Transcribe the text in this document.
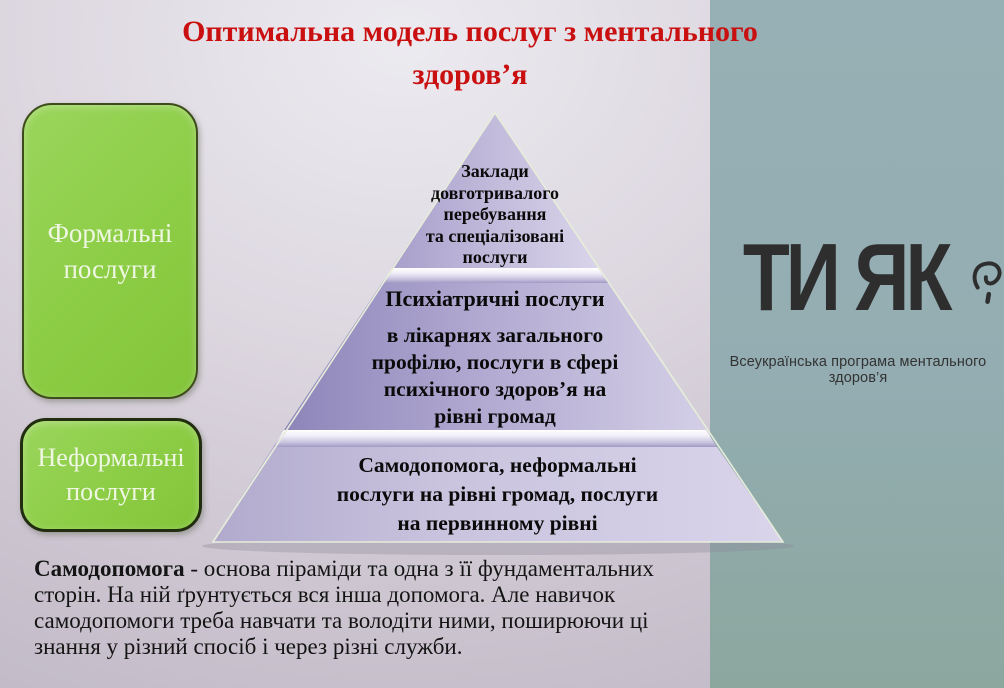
Оптимальна модель послуг з ментального
здоров’я
Формальні послуги
Неформальні послуги
Заклади
довготривалого
перебування
та спеціалізовані
послуги
Психіатричні послуги
в лікарнях загального
профілю, послуги в сфері
психічного здоров’я на
рівні громад
Самодопомога, неформальні
послуги на рівні громад, послуги
на первинному рівні
ТИ ЯК
Всеукраїнська програма ментального здоров’я
Самодопомога - основа піраміди та одна з її фундаментальних
сторін. На ній ґрунтується вся інша допомога. Але навичок
самодопомоги треба навчати та володіти ними, поширюючи ці
знання у різний спосіб і через різні служби.
